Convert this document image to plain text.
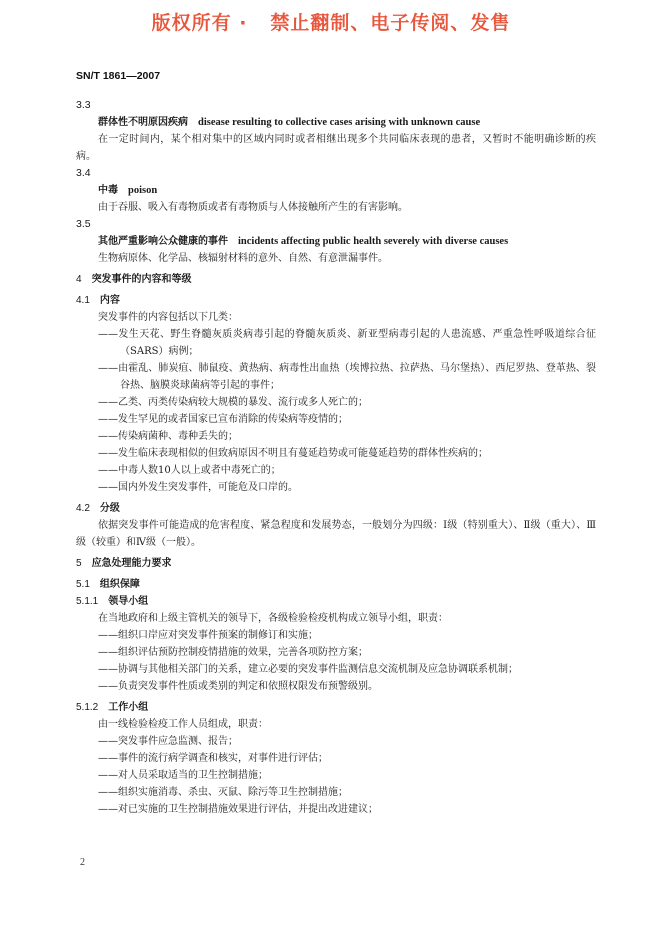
版权所有 ·   禁止翻制、电子传阅、发售
SN/T 1861—2007
3.3
群体性不明原因疾病 disease resulting to collective cases arising with unknown cause
在一定时间内，某个相对集中的区域内同时或者相继出现多个共同临床表现的患者，又暂时不能明确诊断的疾病。
3.4
中毒 poison
由于吞服、吸入有毒物质或者有毒物质与人体接触所产生的有害影响。
3.5
其他严重影响公众健康的事件 incidents affecting public health severely with diverse causes
生物病原体、化学品、核辐射材料的意外、自然、有意泄漏事件。
4 突发事件的内容和等级
4.1 内容
突发事件的内容包括以下几类：
——发生天花、野生脊髓灰质炎病毒引起的脊髓灰质炎、新亚型病毒引起的人患流感、严重急性呼吸道综合征（SARS）病例；
——由霍乱、肺炭疽、肺鼠疫、黄热病、病毒性出血热（埃博拉热、拉萨热、马尔堡热）、西尼罗热、登革热、裂谷热、脑膜炎球菌病等引起的事件；
——乙类、丙类传染病较大规模的暴发、流行或多人死亡的；
——发生罕见的或者国家已宣布消除的传染病等疫情的；
——传染病菌种、毒种丢失的；
——发生临床表现相似的但致病原因不明且有蔓延趋势或可能蔓延趋势的群体性疾病的；
——中毒人数10人以上或者中毒死亡的；
——国内外发生突发事件，可能危及口岸的。
4.2 分级
依据突发事件可能造成的危害程度、紧急程度和发展势态，一般划分为四级：Ⅰ级（特别重大）、Ⅱ级（重大）、Ⅲ级（较重）和Ⅳ级（一般）。
5 应急处理能力要求
5.1 组织保障
5.1.1 领导小组
在当地政府和上级主管机关的领导下，各级检验检疫机构成立领导小组，职责：
——组织口岸应对突发事件预案的制修订和实施；
——组织评估预防控制疫情措施的效果，完善各项防控方案；
——协调与其他相关部门的关系，建立必要的突发事件监测信息交流机制及应急协调联系机制；
——负责突发事件性质或类别的判定和依照权限发布预警级别。
5.1.2 工作小组
由一线检验检疫工作人员组成，职责：
——突发事件应急监测、报告；
——事件的流行病学调查和核实，对事件进行评估；
——对人员采取适当的卫生控制措施；
——组织实施消毒、杀虫、灭鼠、除污等卫生控制措施；
——对已实施的卫生控制措施效果进行评估，并提出改进建议；
2
